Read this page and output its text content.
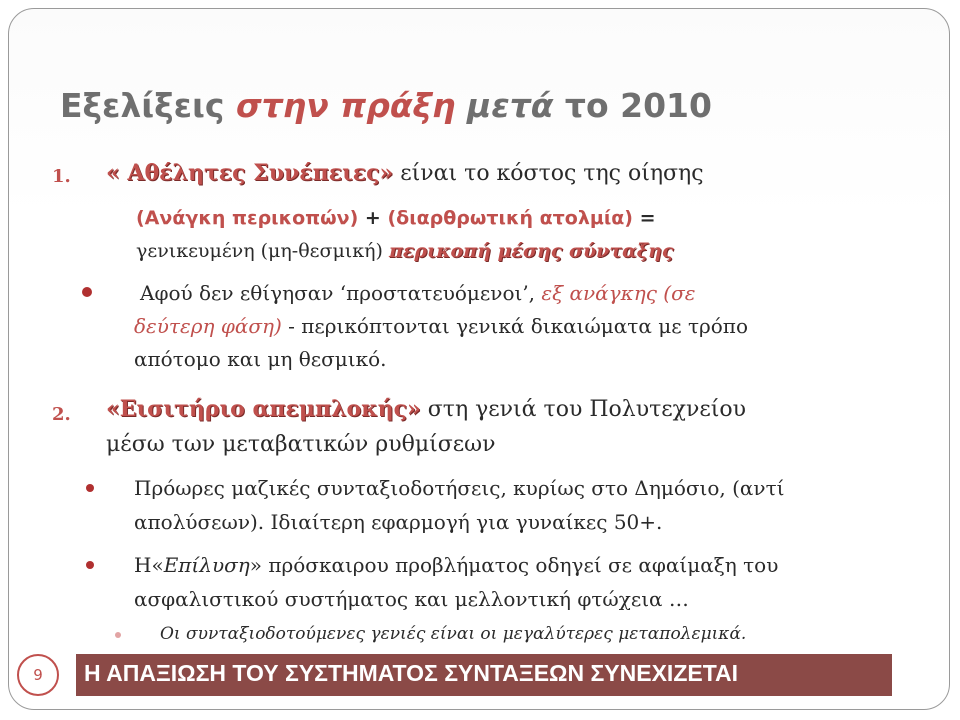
Εξελίξεις στην πράξη μετά το 2010
1. « Αθέλητες Συνέπειες» είναι το κόστος της οίησης
(Ανάγκη περικοπών) + (διαρθρωτική ατολμία) =
γενικευμένη (μη-θεσμική) περικοπή μέσης σύνταξης
Αφού δεν εθίγησαν ‘προστατευόμενοι’, εξ ανάγκης (σε
δεύτερη φάση) - περικόπτονται γενικά δικαιώματα με τρόπο
απότομο και μη θεσμικό.
2. «Εισιτήριο απεμπλοκής» στη γενιά του Πολυτεχνείου
μέσω των μεταβατικών ρυθμίσεων
Πρόωρες μαζικές συνταξιοδοτήσεις, κυρίως στο Δημόσιο, (αντί
απολύσεων). Ιδιαίτερη εφαρμογή για γυναίκες 50+.
Η«Επίλυση» πρόσκαιρου προβλήματος οδηγεί σε αφαίμαξη του
ασφαλιστικού συστήματος και μελλοντική φτώχεια …
Οι συνταξιοδοτούμενες γενιές είναι οι μεγαλύτερες μεταπολεμικά.
9	Η ΑΠΑΞΙΩΣΗ ΤΟΥ ΣΥΣΤΗΜΑΤΟΣ ΣΥΝΤΑΞΕΩΝ ΣΥΝΕΧΙΖΕΤΑΙ
